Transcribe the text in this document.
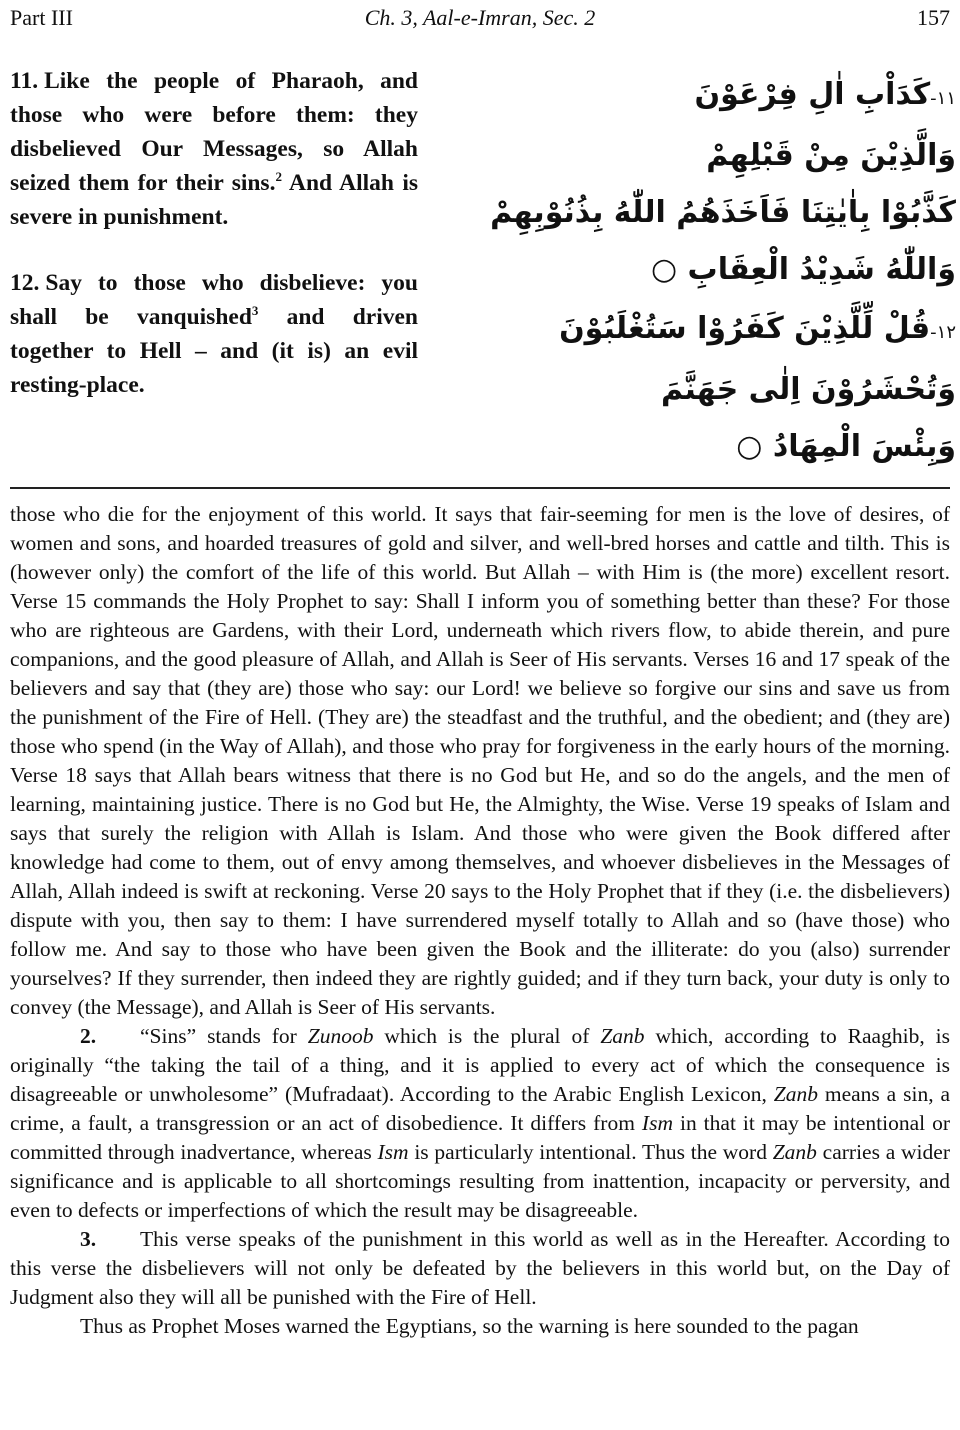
Part III	Ch. 3, Aal-e-Imran, Sec. 2	157

11. Like the people of Pharaoh, and those who were before them: they disbelieved Our Messages, so Allah seized them for their sins.$^2$ And Allah is severe in punishment.

12. Say to those who disbelieve: you shall be vanquished$^3$ and driven together to Hell – and (it is) an evil resting-place.

١١-كَدَاْبِ اٰلِ فِرْعَوْنَ
وَالَّذِيْنَ مِنْ قَبْلِهِمْ
كَذَّبُوْا بِاٰيٰتِنَا فَاَخَذَهُمُ اللّٰهُ بِذُنُوْبِهِمْ
وَاللّٰهُ شَدِيْدُ الْعِقَابِ ○
١٢-قُلْ لِّلَّذِيْنَ كَفَرُوْا سَتُغْلَبُوْنَ
وَتُحْشَرُوْنَ اِلٰى جَهَنَّمَ
وَبِئْسَ الْمِهَادُ ○

those who die for the enjoyment of this world. It says that fair-seeming for men is the love of desires, of women and sons, and hoarded treasures of gold and silver, and well-bred horses and cattle and tilth. This is (however only) the comfort of the life of this world. But Allah – with Him is (the more) excellent resort. Verse 15 commands the Holy Prophet to say: Shall I inform you of something better than these? For those who are righteous are Gardens, with their Lord, underneath which rivers flow, to abide therein, and pure companions, and the good pleasure of Allah, and Allah is Seer of His servants. Verses 16 and 17 speak of the believers and say that (they are) those who say: our Lord! we believe so forgive our sins and save us from the punishment of the Fire of Hell. (They are) the steadfast and the truthful, and the obedient; and (they are) those who spend (in the Way of Allah), and those who pray for forgiveness in the early hours of the morning. Verse 18 says that Allah bears witness that there is no God but He, and so do the angels, and the men of learning, maintaining justice. There is no God but He, the Almighty, the Wise. Verse 19 speaks of Islam and says that surely the religion with Allah is Islam. And those who were given the Book differed after knowledge had come to them, out of envy among themselves, and whoever disbelieves in the Messages of Allah, Allah indeed is swift at reckoning. Verse 20 says to the Holy Prophet that if they (i.e. the disbelievers) dispute with you, then say to them: I have surrendered myself totally to Allah and so (have those) who follow me. And say to those who have been given the Book and the illiterate: do you (also) surrender yourselves? If they surrender, then indeed they are rightly guided; and if they turn back, your duty is only to convey (the Message), and Allah is Seer of His servants.

2. “Sins” stands for Zunoob which is the plural of Zanb which, according to Raaghib, is originally “the taking the tail of a thing, and it is applied to every act of which the consequence is disagreeable or unwholesome” (Mufradaat). According to the Arabic English Lexicon, Zanb means a sin, a crime, a fault, a transgression or an act of disobedience. It differs from Ism in that it may be intentional or committed through inadvertance, whereas Ism is particularly intentional. Thus the word Zanb carries a wider significance and is applicable to all shortcomings resulting from inattention, incapacity or perversity, and even to defects or imperfections of which the result may be disagreeable.

3. This verse speaks of the punishment in this world as well as in the Hereafter. According to this verse the disbelievers will not only be defeated by the believers in this world but, on the Day of Judgment also they will all be punished with the Fire of Hell.

Thus as Prophet Moses warned the Egyptians, so the warning is here sounded to the pagan
